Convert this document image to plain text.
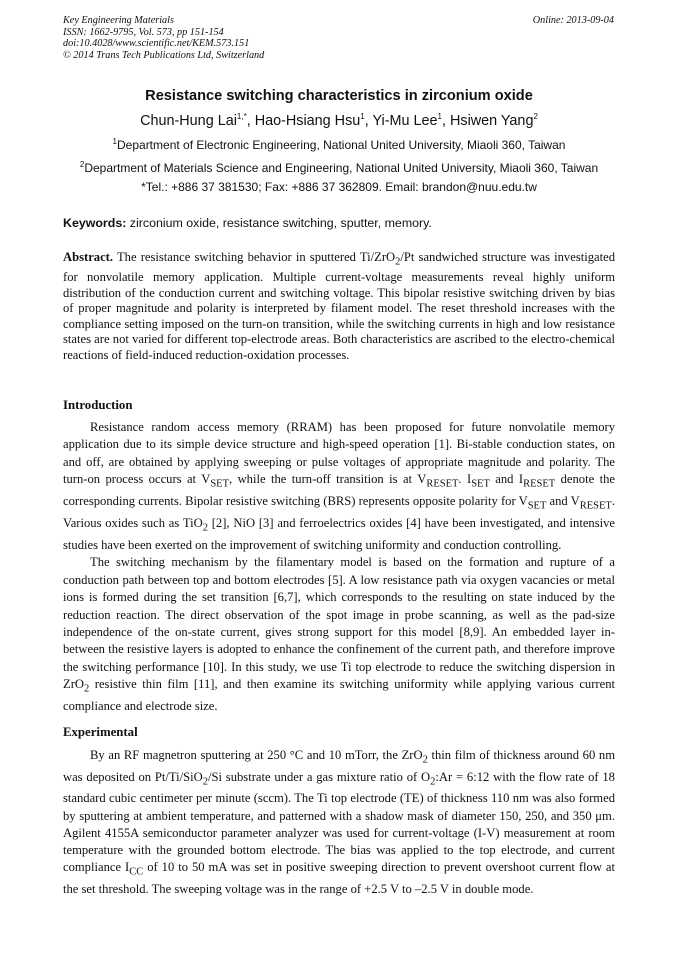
Key Engineering Materials
ISSN: 1662-9795, Vol. 573, pp 151-154
doi:10.4028/www.scientific.net/KEM.573.151
© 2014 Trans Tech Publications Ltd, Switzerland
Online: 2013-09-04
Resistance switching characteristics in zirconium oxide
Chun-Hung Lai$^{1,*}$, Hao-Hsiang Hsu$^1$, Yi-Mu Lee$^1$, Hsiwen Yang$^2$
$^1$Department of Electronic Engineering, National United University, Miaoli 360, Taiwan
$^2$Department of Materials Science and Engineering, National United University, Miaoli 360, Taiwan
*Tel.: +886 37 381530; Fax: +886 37 362809. Email: brandon@nuu.edu.tw
Keywords: zirconium oxide, resistance switching, sputter, memory.
Abstract. The resistance switching behavior in sputtered Ti/ZrO$_2$/Pt sandwiched structure was investigated for nonvolatile memory application. Multiple current-voltage measurements reveal highly uniform distribution of the conduction current and switching voltage. This bipolar resistive switching driven by bias of proper magnitude and polarity is interpreted by filament model. The reset threshold increases with the compliance setting imposed on the turn-on transition, while the switching currents in high and low resistance states are not varied for different top-electrode areas. Both characteristics are ascribed to the electro-chemical reactions of field-induced reduction-oxidation processes.
Introduction

Resistance random access memory (RRAM) has been proposed for future nonvolatile memory application due to its simple device structure and high-speed operation [1]. Bi-stable conduction states, on and off, are obtained by applying sweeping or pulse voltages of appropriate magnitude and polarity. The turn-on process occurs at $V_{SET}$, while the turn-off transition is at $V_{RESET}$. $I_{SET}$ and $I_{RESET}$ denote the corresponding currents. Bipolar resistive switching (BRS) represents opposite polarity for $V_{SET}$ and $V_{RESET}$. Various oxides such as TiO$_2$ [2], NiO [3] and ferroelectrics oxides [4] have been investigated, and intensive studies have been exerted on the improvement of switching uniformity and conduction controlling.

The switching mechanism by the filamentary model is based on the formation and rupture of a conduction path between top and bottom electrodes [5]. A low resistance path via oxygen vacancies or metal ions is formed during the set transition [6,7], which corresponds to the resulting on state induced by the reduction reaction. The direct observation of the spot image in probe scanning, as well as the pad-size independence of the on-state current, gives strong support for this model [8,9]. An embedded layer in-between the resistive layers is adopted to enhance the confinement of the current path, and therefore improve the switching performance [10]. In this study, we use Ti top electrode to reduce the switching dispersion in ZrO$_2$ resistive thin film [11], and then examine its switching uniformity while applying various current compliance and electrode size.

Experimental

By an RF magnetron sputtering at 250 °C and 10 mTorr, the ZrO$_2$ thin film of thickness around 60 nm was deposited on Pt/Ti/SiO$_2$/Si substrate under a gas mixture ratio of $O_2:Ar$ = 6:12 with the flow rate of 18 standard cubic centimeter per minute (sccm). The Ti top electrode (TE) of thickness 110 nm was also formed by sputtering at ambient temperature, and patterned with a shadow mask of diameter 150, 250, and 350 μm. Agilent 4155A semiconductor parameter analyzer was used for current-voltage (I-V) measurement at room temperature with the grounded bottom electrode. The bias was applied to the top electrode, and current compliance $I_{CC}$ of 10 to 50 mA was set in positive sweeping direction to prevent overshoot current flow at the set threshold. The sweeping voltage was in the range of +2.5 V to –2.5 V in double mode.
